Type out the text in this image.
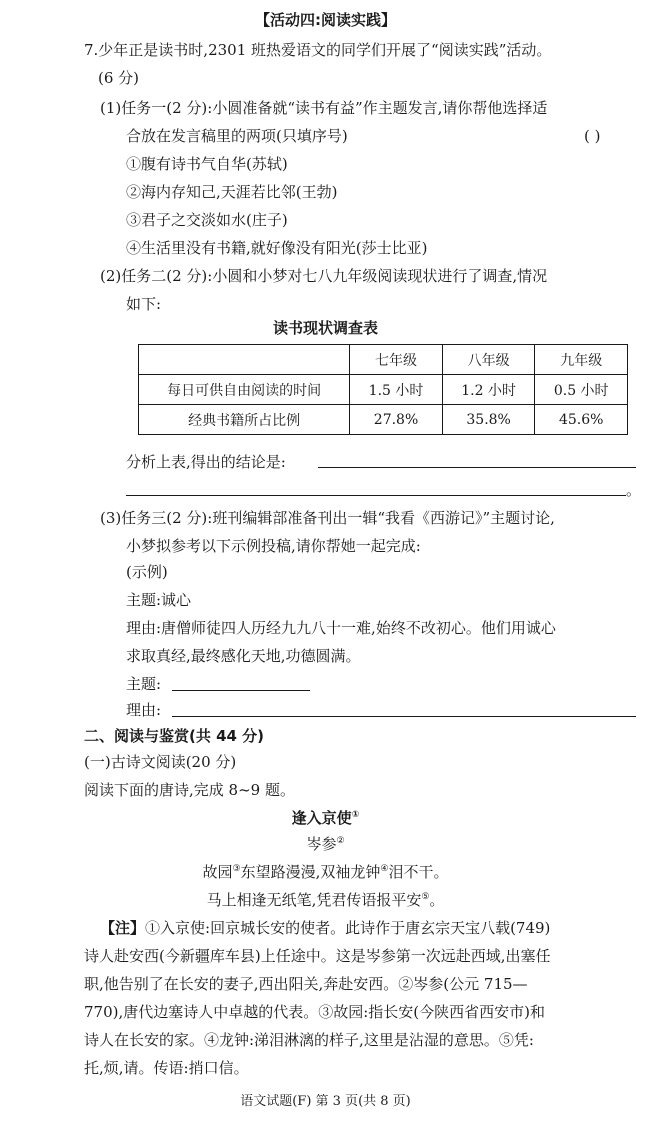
【活动四:阅读实践】
7.少年正是读书时,2301 班热爱语文的同学们开展了“阅读实践”活动。
(6 分)
(1)任务一(2 分):小圆准备就“读书有益”作主题发言,请你帮他选择适
合放在发言稿里的两项(只填序号)	( )
①腹有诗书气自华(苏轼)
②海内存知己,天涯若比邻(王勃)
③君子之交淡如水(庄子)
④生活里没有书籍,就好像没有阳光(莎士比亚)
(2)任务二(2 分):小圆和小梦对七八九年级阅读现状进行了调查,情况
如下:
读书现状调查表
	七年级	八年级	九年级
每日可供自由阅读的时间	1.5 小时	1.2 小时	0.5 小时
经典书籍所占比例	27.8%	35.8%	45.6%
分析上表,得出的结论是:
。
(3)任务三(2 分):班刊编辑部准备刊出一辑“我看《西游记》”主题讨论,
小梦拟参考以下示例投稿,请你帮她一起完成:
(示例)
主题:诚心
理由:唐僧师徒四人历经九九八十一难,始终不改初心。他们用诚心
求取真经,最终感化天地,功德圆满。
主题:
理由:
二、阅读与鉴赏(共 44 分)
(一)古诗文阅读(20 分)
阅读下面的唐诗,完成 8~9 题。
逢入京使①
岑参②
故园③东望路漫漫,双袖龙钟④泪不干。
马上相逢无纸笔,凭君传语报平安⑤。
【注】①入京使:回京城长安的使者。此诗作于唐玄宗天宝八载(749)
诗人赴安西(今新疆库车县)上任途中。这是岑参第一次远赴西域,出塞任
职,他告别了在长安的妻子,西出阳关,奔赴安西。②岑参(公元 715—
770),唐代边塞诗人中卓越的代表。③故园:指长安(今陕西省西安市)和
诗人在长安的家。④龙钟:涕泪淋漓的样子,这里是沾湿的意思。⑤凭:
托,烦,请。传语:捎口信。
语文试题(F) 第 3 页(共 8 页)
